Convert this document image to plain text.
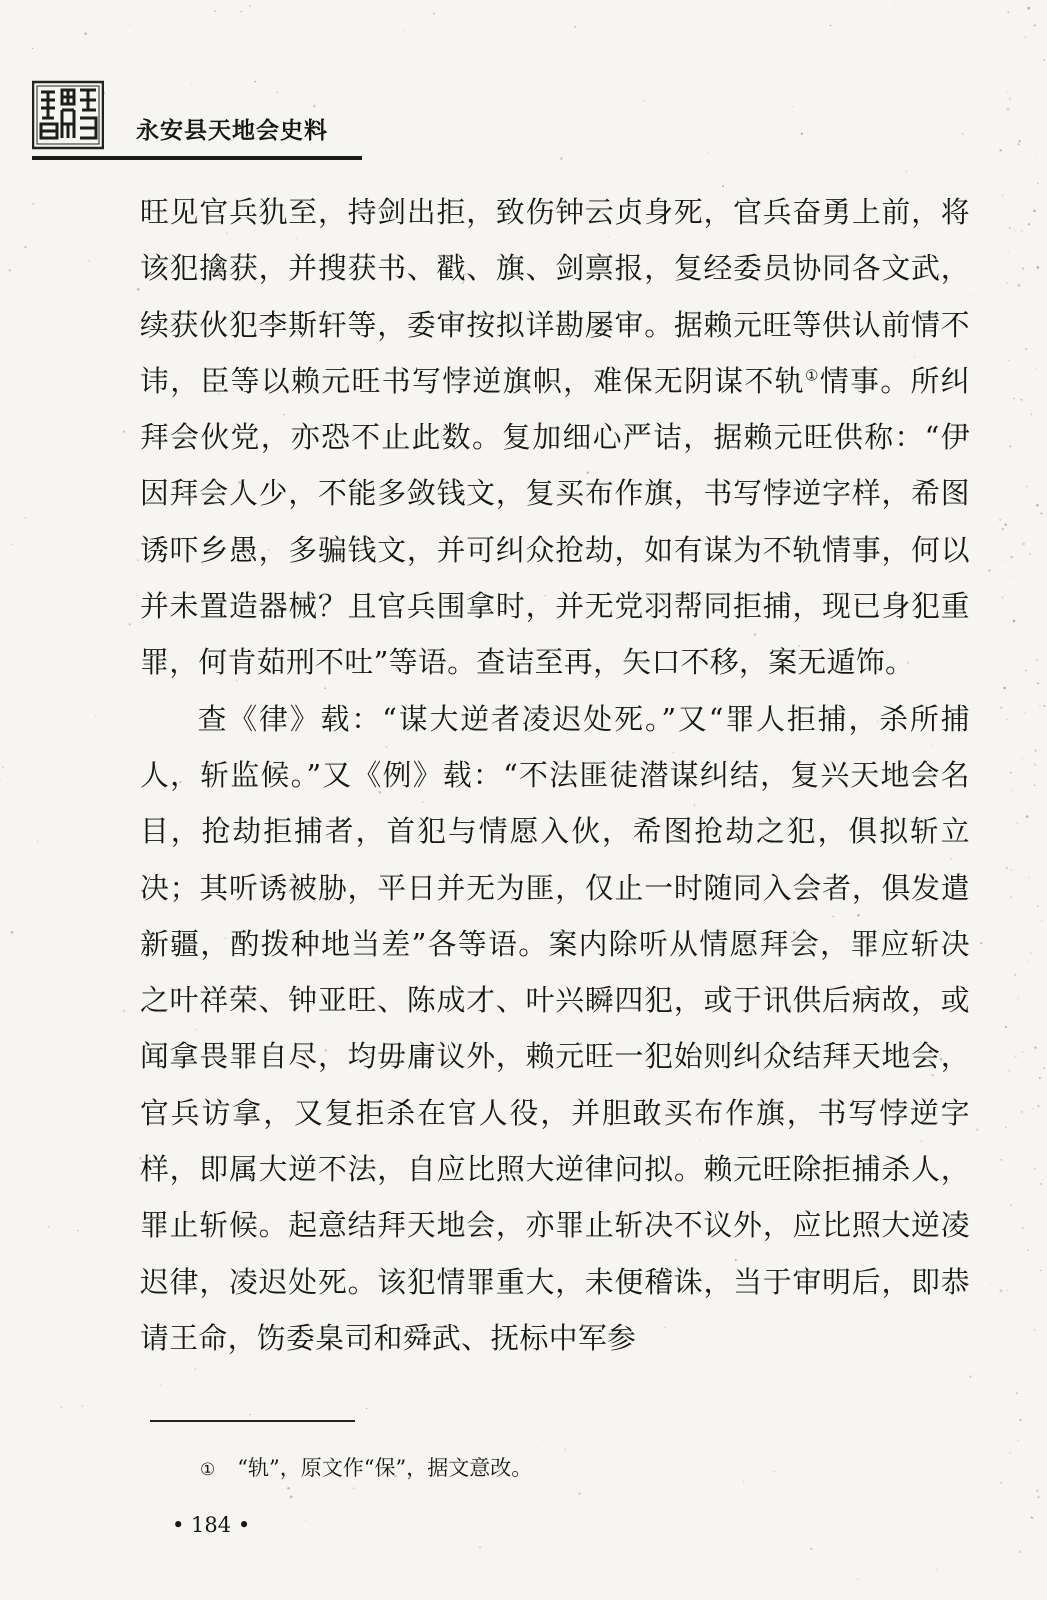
永安县天地会史料

旺见官兵犰至，持剑出拒，致伤钟云贞身死，官兵奋勇上前，将该犯擒获，并搜获书、戳、旗、剑禀报，复经委员协同各文武，续获伙犯李斯轩等，委审按拟详勘屡审。据赖元旺等供认前情不讳，臣等以赖元旺书写悖逆旗帜，难保无阴谋不轨①情事。所纠拜会伙党，亦恐不止此数。复加细心严诘，据赖元旺供称：“伊因拜会人少，不能多敛钱文，复买布作旗，书写悖逆字样，希图诱吓乡愚，多骗钱文，并可纠众抢劫，如有谋为不轨情事，何以并未置造器械？且官兵围拿时，并无党羽帮同拒捕，现已身犯重罪，何肯茹刑不吐”等语。查诘至再，矢口不移，案无遁饰。

查《律》载：“谋大逆者凌迟处死。”又“罪人拒捕，杀所捕人，斩监候。”又《例》载：“不法匪徒潜谋纠结，复兴天地会名目，抢劫拒捕者，首犯与情愿入伙，希图抢劫之犯，俱拟斩立决；其听诱被胁，平日并无为匪，仅止一时随同入会者，俱发遣新疆，酌拨种地当差”各等语。案内除听从情愿拜会，罪应斩决之叶祥荣、钟亚旺、陈成才、叶兴瞬四犯，或于讯供后病故，或闻拿畏罪自尽，均毋庸议外，赖元旺一犯始则纠众结拜天地会，官兵访拿，又复拒杀在官人役，并胆敢买布作旗，书写悖逆字样，即属大逆不法，自应比照大逆律问拟。赖元旺除拒捕杀人，罪止斩候。起意结拜天地会，亦罪止斩决不议外，应比照大逆凌迟律，凌迟处死。该犯情罪重大，未便稽诛，当于审明后，即恭请王命，饬委臬司和舜武、抚标中军参

① “轨”，原文作“保”，据文意改。
• 184 •
